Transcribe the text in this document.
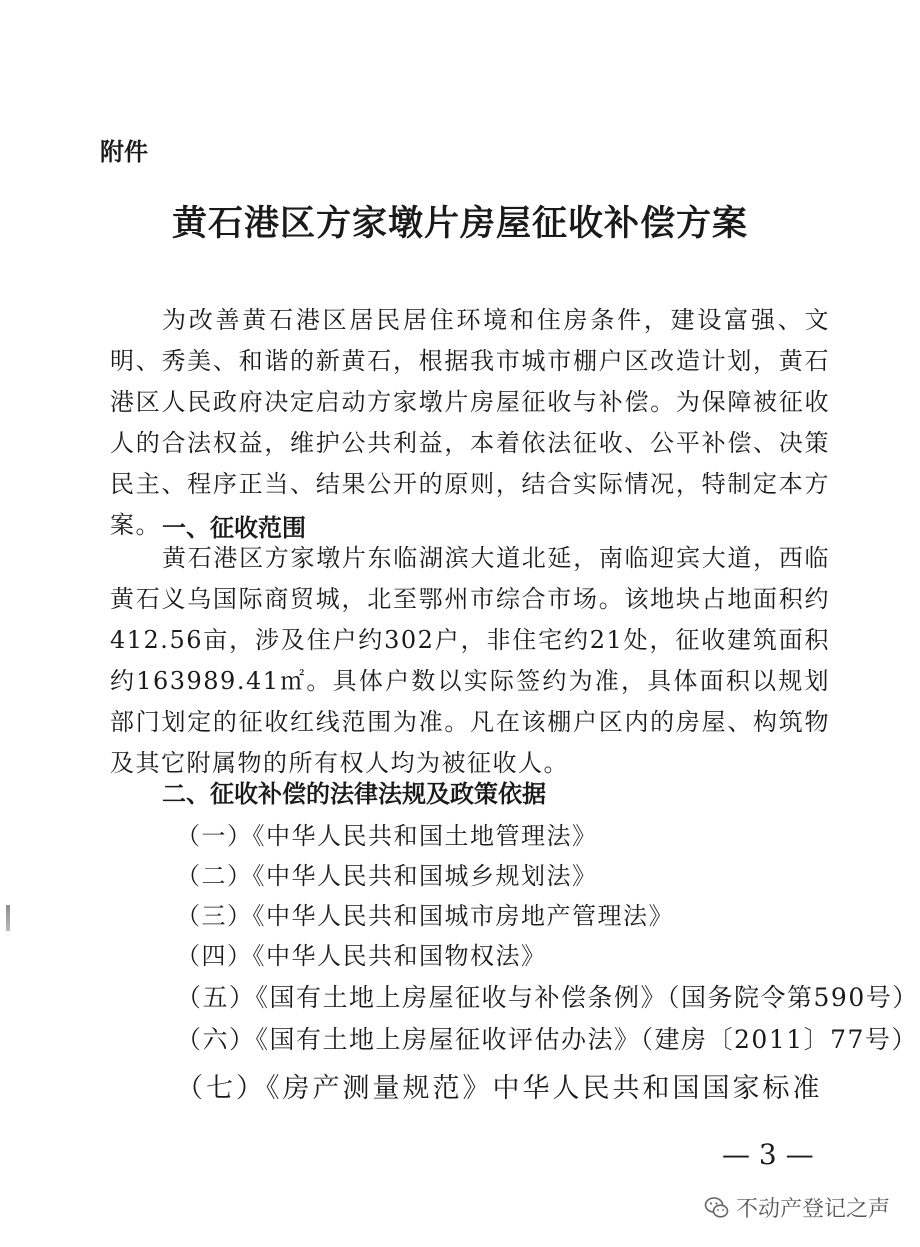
附件
黄石港区方家墩片房屋征收补偿方案
为改善黄石港区居民居住环境和住房条件，建设富强、文明、秀美、和谐的新黄石，根据我市城市棚户区改造计划，黄石港区人民政府决定启动方家墩片房屋征收与补偿。为保障被征收人的合法权益，维护公共利益，本着依法征收、公平补偿、决策民主、程序正当、结果公开的原则，结合实际情况，特制定本方案。 一、征收范围
黄石港区方家墩片东临湖滨大道北延，南临迎宾大道，西临黄石义乌国际商贸城，北至鄂州市综合市场。该地块占地面积约412.56亩，涉及住户约302户，非住宅约21处，征收建筑面积约163989.41㎡。具体户数以实际签约为准，具体面积以规划部门划定的征收红线范围为准。凡在该棚户区内的房屋、构筑物及其它附属物的所有权人均为被征收人。
二、征收补偿的法律法规及政策依据
（一）《中华人民共和国土地管理法》
（二）《中华人民共和国城乡规划法》
（三）《中华人民共和国城市房地产管理法》
（四）《中华人民共和国物权法》
（五）《国有土地上房屋征收与补偿条例》（国务院令第590号）
（六）《国有土地上房屋征收评估办法》（建房〔2011〕77号）
（七）《房产测量规范》中华人民共和国国家标准
— 3 —
不动产登记之声
